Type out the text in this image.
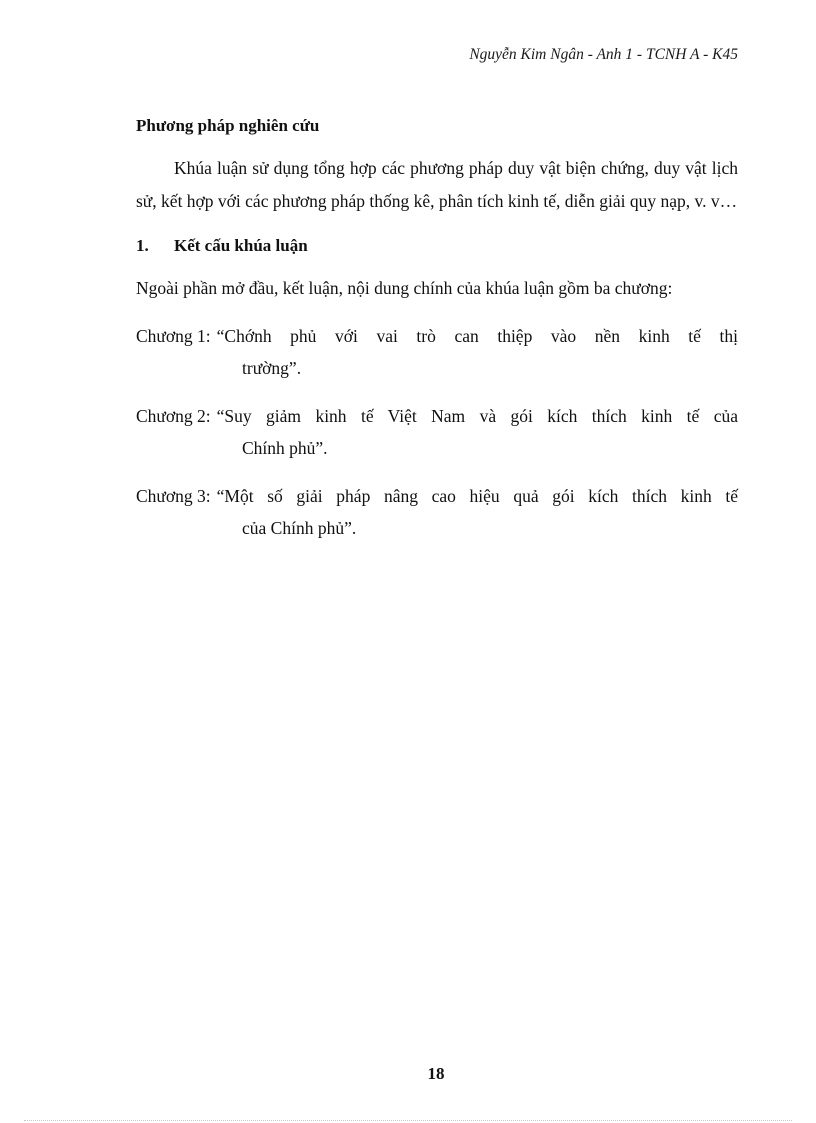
Nguyễn Kim Ngân - Anh 1 - TCNH A - K45

Phương pháp nghiên cứu

Khúa luận sử dụng tổng hợp các phương pháp duy vật biện chứng, duy vật lịch sử, kết hợp với các phương pháp thống kê, phân tích kinh tế, diễn giải quy nạp, v. v…

1.	Kết cấu khúa luận

Ngoài phần mở đầu, kết luận, nội dung chính của khúa luận gồm ba chương:

Chương 1: “Chớnh phủ với vai trò can thiệp vào nền kinh tế thị
trường”.
Chương 2: “Suy giảm kinh tế Việt Nam và gói kích thích kinh tế của
Chính phủ”.
Chương 3: “Một số giải pháp nâng cao hiệu quả gói kích thích kinh tế
của Chính phủ”.
18
